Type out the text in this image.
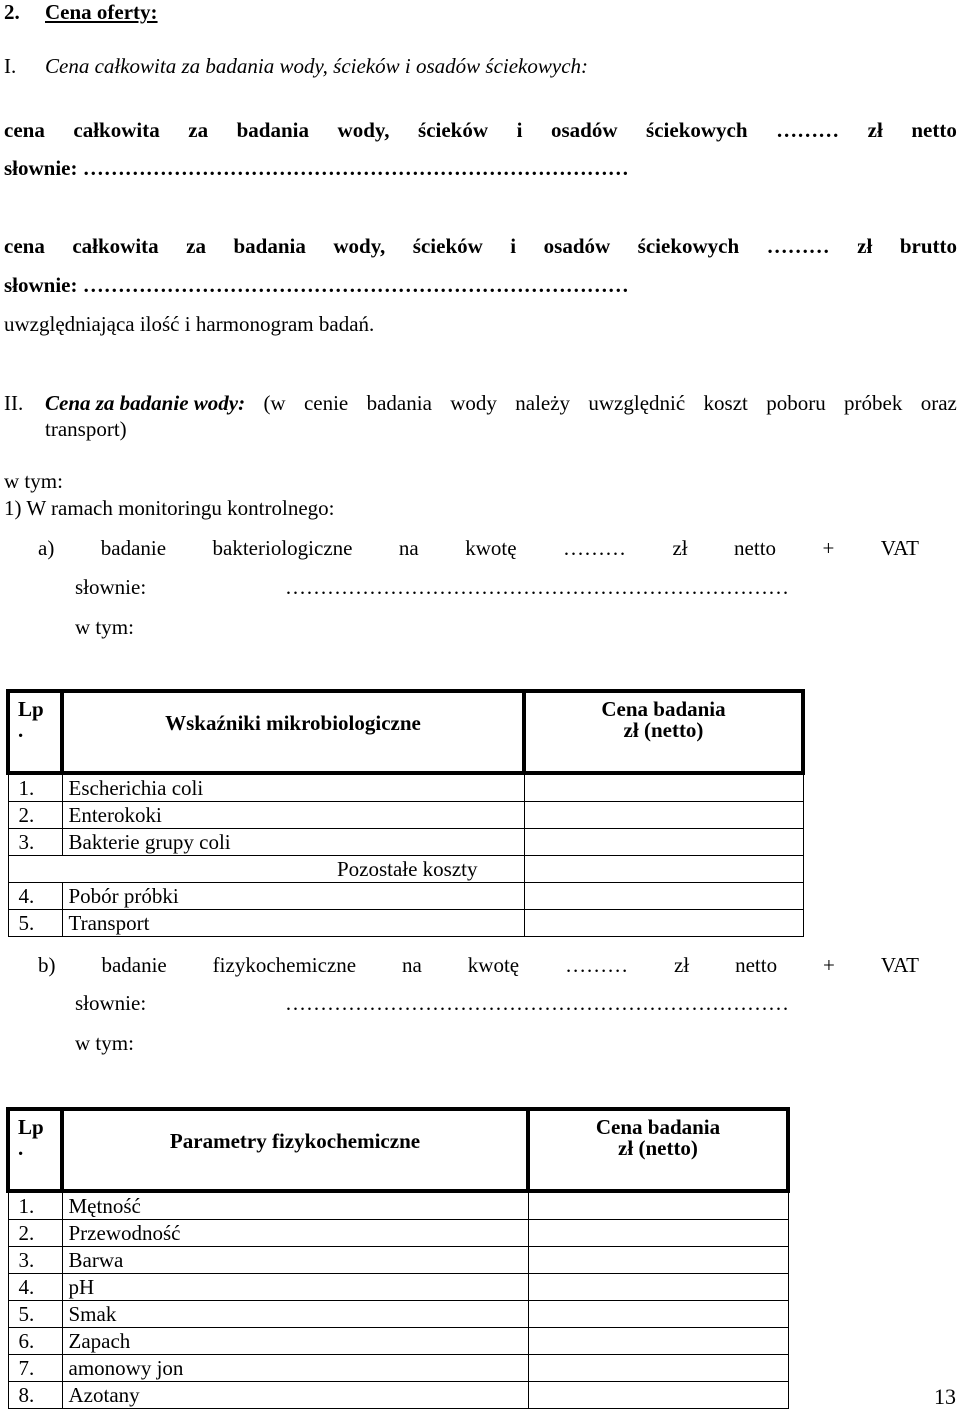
2. Cena oferty:
I. Cena całkowita za badania wody, ścieków i osadów ściekowych:
cena całkowita za badania wody, ścieków i osadów ściekowych ……… zł netto
słownie: ……………………………………………………………………
cena całkowita za badania wody, ścieków i osadów ściekowych ……… zł brutto
słownie: ……………………………………………………………………
uwzględniająca ilość i harmonogram badań.
II. Cena za badanie wody: (w cenie badania wody należy uwzględnić koszt poboru próbek oraz
transport)
w tym:
1) W ramach monitoringu kontrolnego:
a) badanie bakteriologiczne na kwotę ……… zł netto + VAT
słownie:	………………………………………………………………
w tym:
Lp
.	Wskaźniki mikrobiologiczne	Cena badania
zł (netto)
1.	Escherichia coli	
2.	Enterokoki	
3.	Bakterie grupy coli	
Pozostałe koszty		
4.	Pobór próbki	
5.	Transport	
b) badanie fizykochemiczne na kwotę ……… zł netto + VAT
słownie:	………………………………………………………………
w tym:
Lp
.	Parametry fizykochemiczne	Cena badania
zł (netto)
1.	Mętność	
2.	Przewodność	
3.	Barwa	
4.	pH	
5.	Smak	
6.	Zapach	
7.	amonowy jon	
8.	Azotany		13
